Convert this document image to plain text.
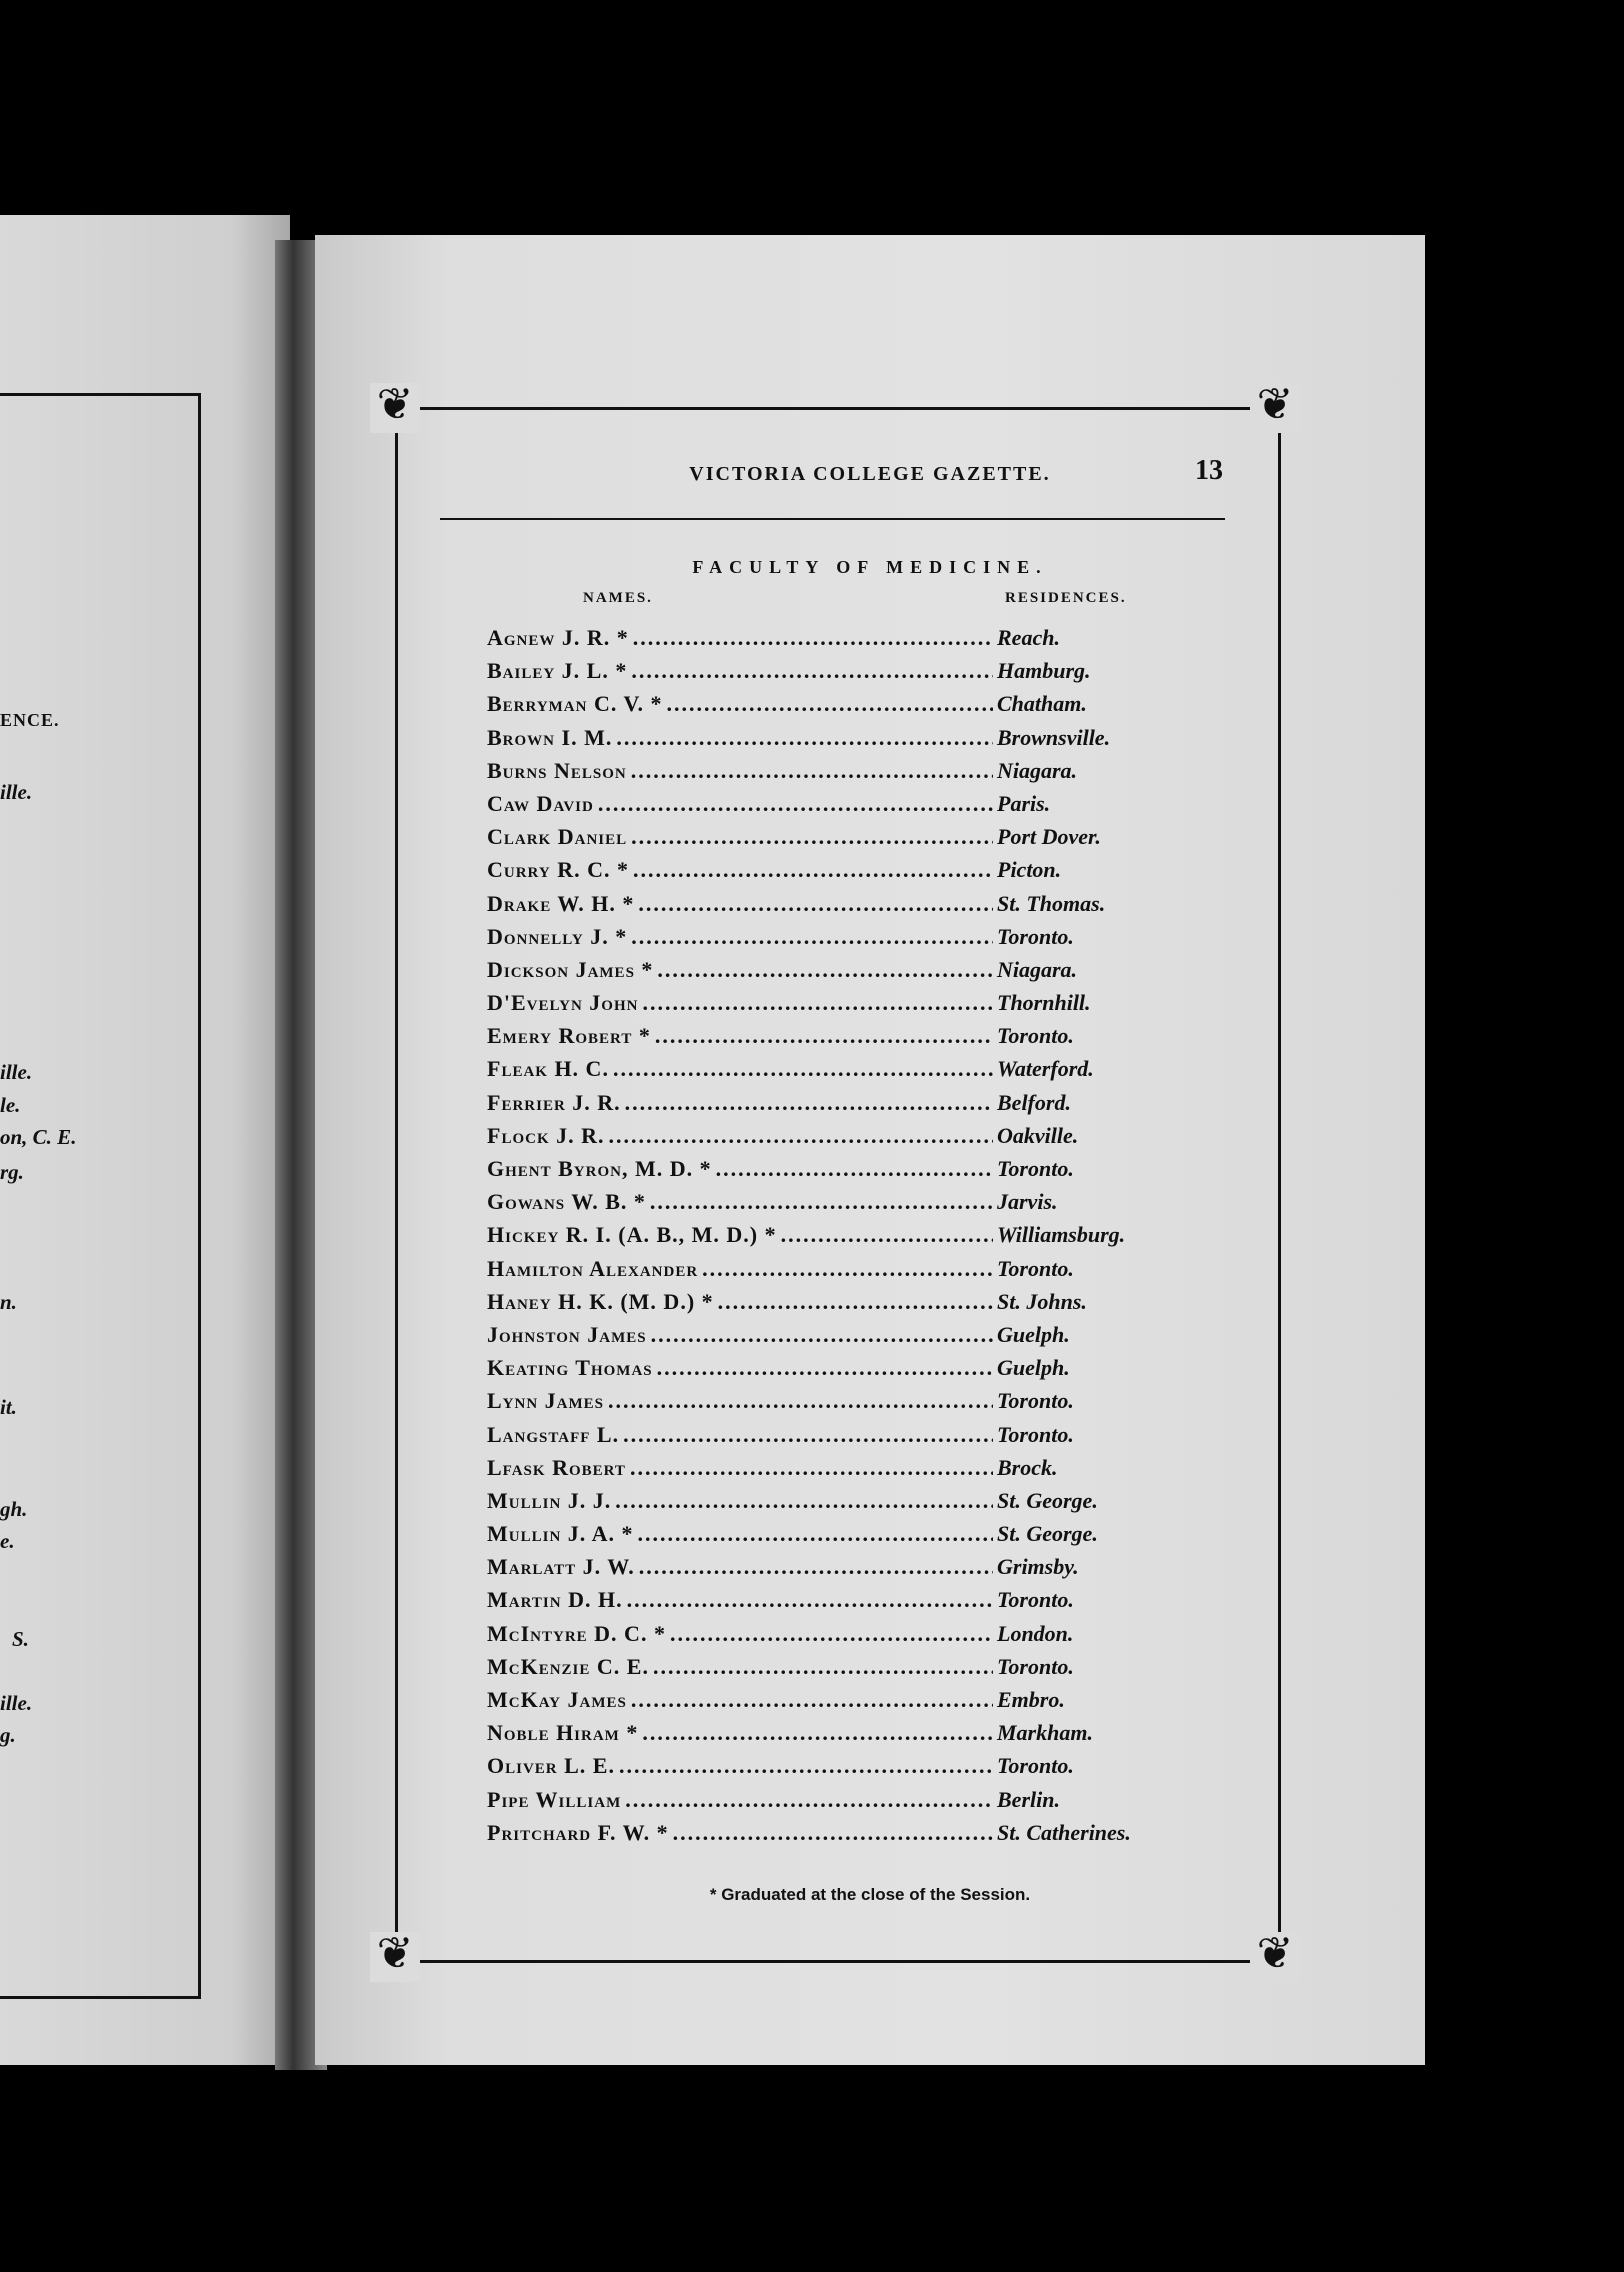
ENCE.
ille.
ille.
le.
on, C. E.
rg.
n.
it.
gh.
e.
S.
ille.
g.
❦	❦
❦	❦
VICTORIA COLLEGE GAZETTE.	13
FACULTY OF MEDICINE.
NAMES.	RESIDENCES.
Agnew J. R. * .....	Reach.
Bailey J. L. * .....	Hamburg.
Berryman C. V. * .....	Chatham.
Brown I. M. .....	Brownsville.
Burns Nelson .....	Niagara.
Caw David .....	Paris.
Clark Daniel .....	Port Dover.
Curry R. C. * .....	Picton.
Drake W. H. * .....	St. Thomas.
Donnelly J. * .....	Toronto.
Dickson James * .....	Niagara.
D'Evelyn John .....	Thornhill.
Emery Robert * .....	Toronto.
Fleak H. C. .....	Waterford.
Ferrier J. R. .....	Belford.
Flock J. R. .....	Oakville.
Ghent Byron, M. D. * .....	Toronto.
Gowans W. B. * .....	Jarvis.
Hickey R. I. (A. B., M. D.) * .....	Williamsburg.
Hamilton Alexander .....	Toronto.
Haney H. K. (M. D.) * .....	St. Johns.
Johnston James .....	Guelph.
Keating Thomas .....	Guelph.
Lynn James .....	Toronto.
Langstaff L. .....	Toronto.
Lfask Robert .....	Brock.
Mullin J. J. .....	St. George.
Mullin J. A. * .....	St. George.
Marlatt J. W. .....	Grimsby.
Martin D. H. .....	Toronto.
McIntyre D. C. * .....	London.
McKenzie C. E. .....	Toronto.
McKay James .....	Embro.
Noble Hiram * .....	Markham.
Oliver L. E. .....	Toronto.
Pipe William .....	Berlin.
Pritchard F. W. * .....	St. Catherines.
* Graduated at the close of the Session.
